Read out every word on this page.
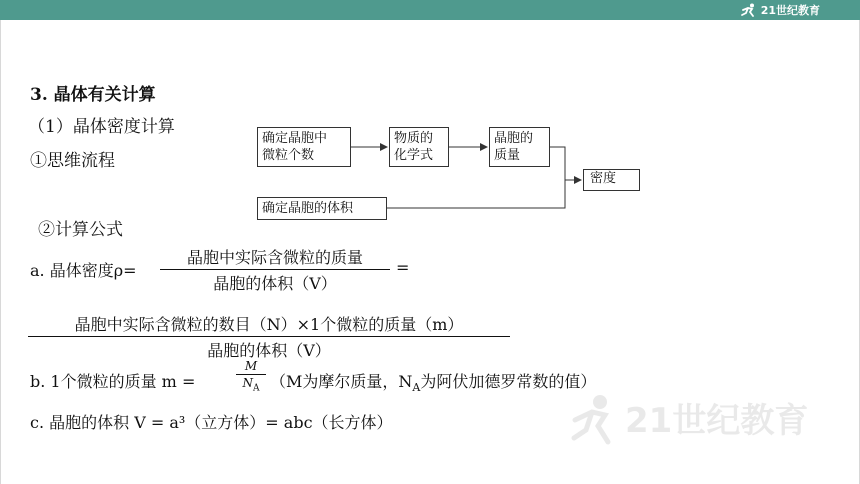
21世纪教育
3. 晶体有关计算
（1）晶体密度计算
①思维流程
②计算公式
确定晶胞中
微粒个数
物质的
化学式
晶胞的
质量
密度
确定晶胞的体积
a. 晶体密度ρ=
晶胞中实际含微粒的质量
晶胞的体积（V）
=
晶胞中实际含微粒的数目（N）×1个微粒的质量（m）
晶胞的体积（V）
b. 1个微粒的质量 m =
M
$N_A$ （M为摩尔质量，$N_A$为阿伏加德罗常数的值）
c. 晶胞的体积 V = a³（立方体）= abc（长方体）	21世纪教育
